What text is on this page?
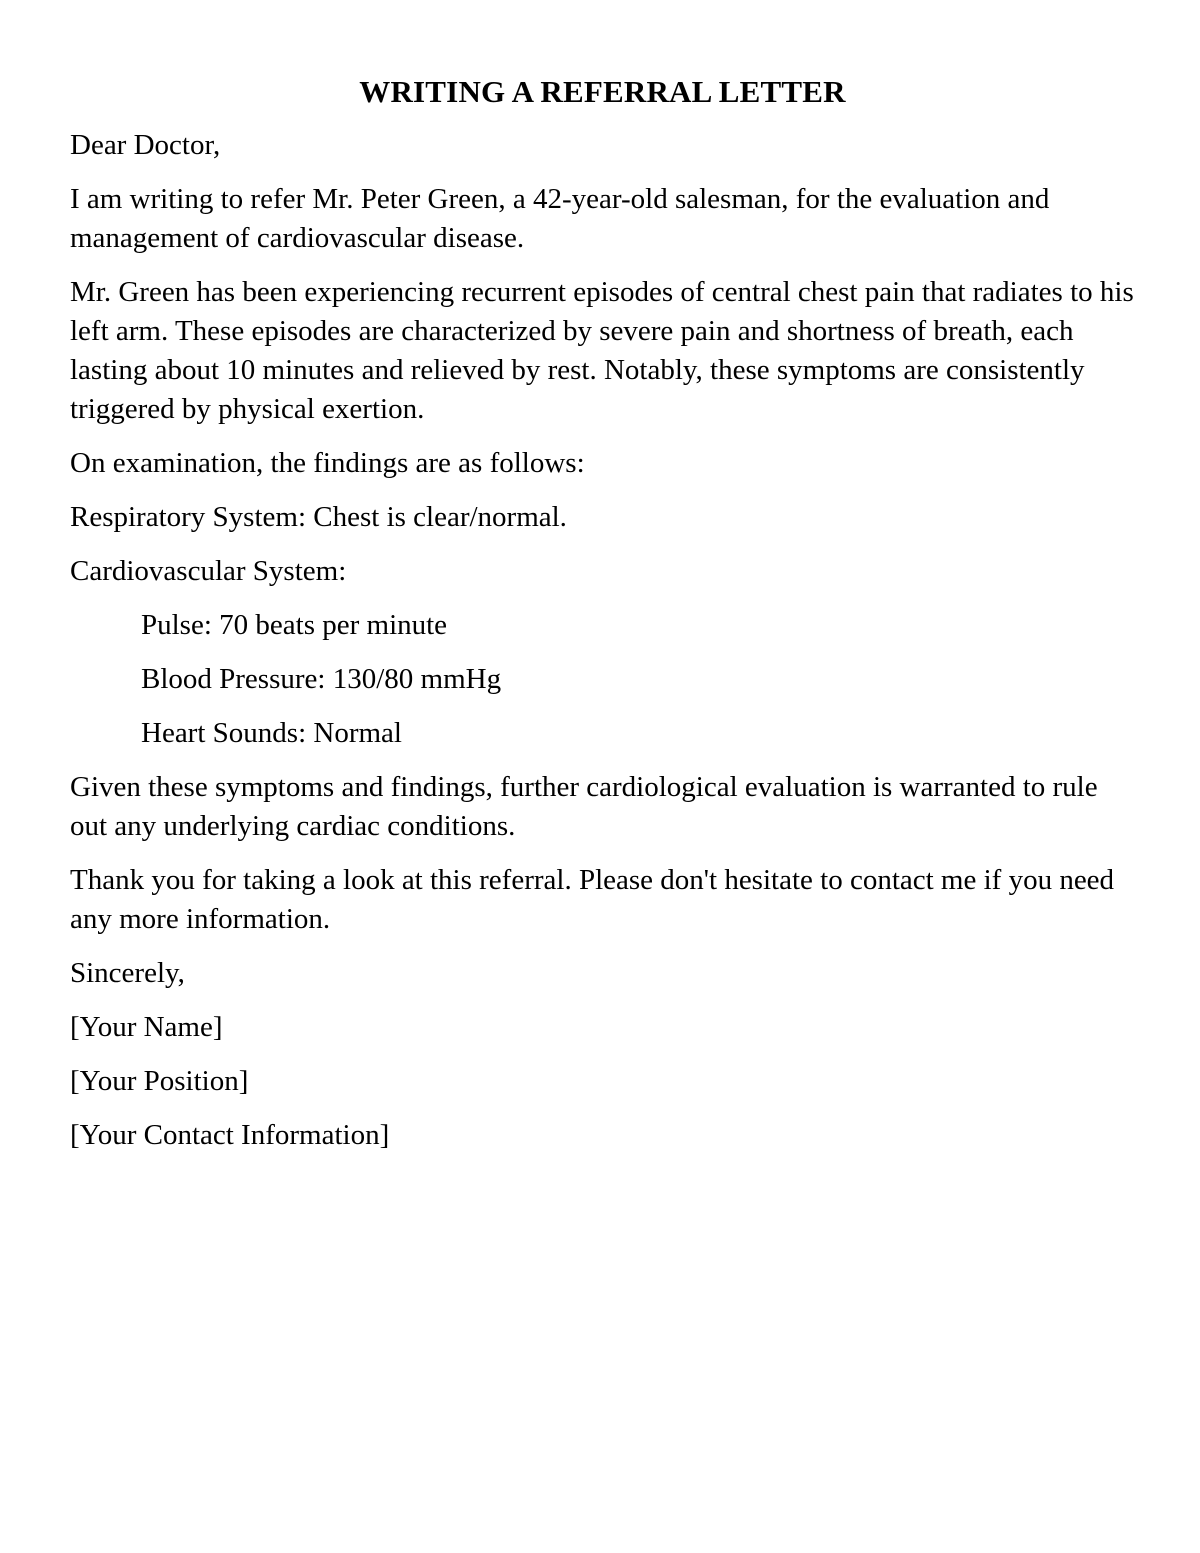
WRITING A REFERRAL LETTER
Dear Doctor,
I am writing to refer Mr. Peter Green, a 42-year-old salesman, for the evaluation and management of cardiovascular disease.
Mr. Green has been experiencing recurrent episodes of central chest pain that radiates to his left arm. These episodes are characterized by severe pain and shortness of breath, each lasting about 10 minutes and relieved by rest. Notably, these symptoms are consistently triggered by physical exertion.
On examination, the findings are as follows:
Respiratory System: Chest is clear/normal.
Cardiovascular System:
Pulse: 70 beats per minute
Blood Pressure: 130/80 mmHg
Heart Sounds: Normal
Given these symptoms and findings, further cardiological evaluation is warranted to rule out any underlying cardiac conditions.
Thank you for taking a look at this referral. Please don't hesitate to contact me if you need any more information.
Sincerely,
[Your Name]
[Your Position]
[Your Contact Information]
